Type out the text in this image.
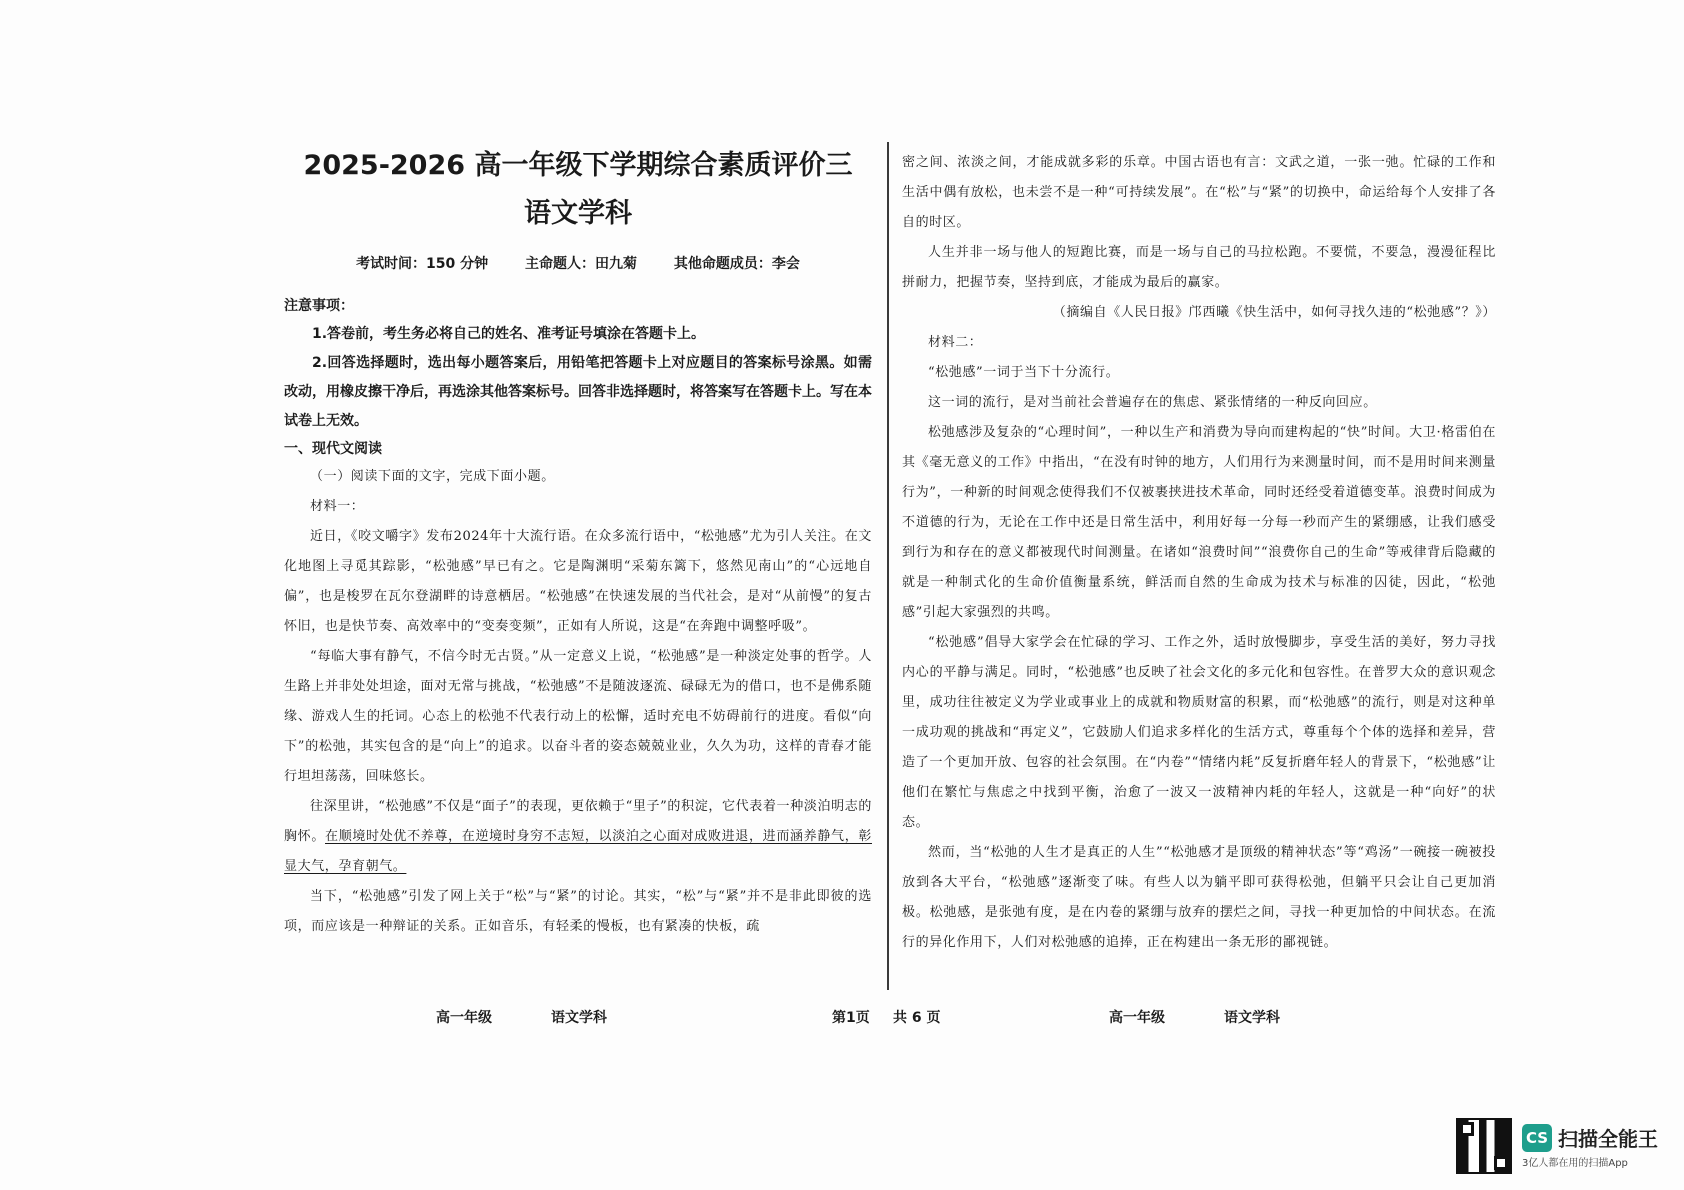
2025-2026 高一年级下学期综合素质评价三
语文学科
考试时间：150 分钟	主命题人：田九菊	其他命题成员：李会
注意事项：

1.答卷前，考生务必将自己的姓名、准考证号填涂在答题卡上。

2.回答选择题时，选出每小题答案后，用铅笔把答题卡上对应题目的答案标号涂黑。如需改动，用橡皮擦干净后，再选涂其他答案标号。回答非选择题时，将答案写在答题卡上。写在本试卷上无效。

一、现代文阅读

（一）阅读下面的文字，完成下面小题。

材料一：

近日，《咬文嚼字》发布2024年十大流行语。在众多流行语中，“松弛感”尤为引人关注。在文化地图上寻觅其踪影，“松弛感”早已有之。它是陶渊明“采菊东篱下，悠然见南山”的“心远地自偏”，也是梭罗在瓦尔登湖畔的诗意栖居。“松弛感”在快速发展的当代社会，是对“从前慢”的复古怀旧，也是快节奏、高效率中的“变奏变频”，正如有人所说，这是“在奔跑中调整呼吸”。

“每临大事有静气，不信今时无古贤。”从一定意义上说，“松弛感”是一种淡定处事的哲学。人生路上并非处处坦途，面对无常与挑战，“松弛感”不是随波逐流、碌碌无为的借口，也不是佛系随缘、游戏人生的托词。心态上的松弛不代表行动上的松懈，适时充电不妨碍前行的进度。看似“向下”的松弛，其实包含的是“向上”的追求。以奋斗者的姿态兢兢业业，久久为功，这样的青春才能行坦坦荡荡，回味悠长。

往深里讲，“松弛感”不仅是“面子”的表现，更依赖于“里子”的积淀，它代表着一种淡泊明志的胸怀。在顺境时处优不养尊，在逆境时身穷不志短，以淡泊之心面对成败进退，进而涵养静气，彰显大气，孕育朝气。

当下，“松弛感”引发了网上关于“松”与“紧”的讨论。其实，“松”与“紧”并不是非此即彼的选项，而应该是一种辩证的关系。正如音乐，有轻柔的慢板，也有紧凑的快板，疏

密之间、浓淡之间，才能成就多彩的乐章。中国古语也有言：文武之道，一张一弛。忙碌的工作和生活中偶有放松，也未尝不是一种“可持续发展”。在“松”与“紧”的切换中，命运给每个人安排了各自的时区。

人生并非一场与他人的短跑比赛，而是一场与自己的马拉松跑。不要慌，不要急，漫漫征程比拼耐力，把握节奏，坚持到底，才能成为最后的赢家。

（摘编自《人民日报》邝西曦《快生活中，如何寻找久违的“松弛感”？》）

材料二：

“松弛感”一词于当下十分流行。

这一词的流行，是对当前社会普遍存在的焦虑、紧张情绪的一种反向回应。

松弛感涉及复杂的“心理时间”，一种以生产和消费为导向而建构起的“快”时间。大卫·格雷伯在其《毫无意义的工作》中指出，“在没有时钟的地方，人们用行为来测量时间，而不是用时间来测量行为”，一种新的时间观念使得我们不仅被裹挟进技术革命，同时还经受着道德变革。浪费时间成为不道德的行为，无论在工作中还是日常生活中，利用好每一分每一秒而产生的紧绷感，让我们感受到行为和存在的意义都被现代时间测量。在诸如“浪费时间”“浪费你自己的生命”等戒律背后隐藏的就是一种制式化的生命价值衡量系统，鲜活而自然的生命成为技术与标准的囚徒，因此，“松弛感”引起大家强烈的共鸣。

“松弛感”倡导大家学会在忙碌的学习、工作之外，适时放慢脚步，享受生活的美好，努力寻找内心的平静与满足。同时，“松弛感”也反映了社会文化的多元化和包容性。在普罗大众的意识观念里，成功往往被定义为学业或事业上的成就和物质财富的积累，而“松弛感”的流行，则是对这种单一成功观的挑战和“再定义”，它鼓励人们追求多样化的生活方式，尊重每个个体的选择和差异，营造了一个更加开放、包容的社会氛围。在“内卷”“情绪内耗”反复折磨年轻人的背景下，“松弛感”让他们在繁忙与焦虑之中找到平衡，治愈了一波又一波精神内耗的年轻人，这就是一种“向好”的状态。

然而，当“松弛的人生才是真正的人生”“松弛感才是顶级的精神状态”等“鸡汤”一碗接一碗被投放到各大平台，“松弛感”逐渐变了味。有些人以为躺平即可获得松弛，但躺平只会让自己更加消极。松弛感，是张弛有度，是在内卷的紧绷与放弃的摆烂之间，寻找一种更加恰的中间状态。在流行的异化作用下，人们对松弛感的追捧，正在构建出一条无形的鄙视链。

高一年级	语文学科	第1页 共 6 页	高一年级	语文学科
CS 扫描全能王
3亿人都在用的扫描App
